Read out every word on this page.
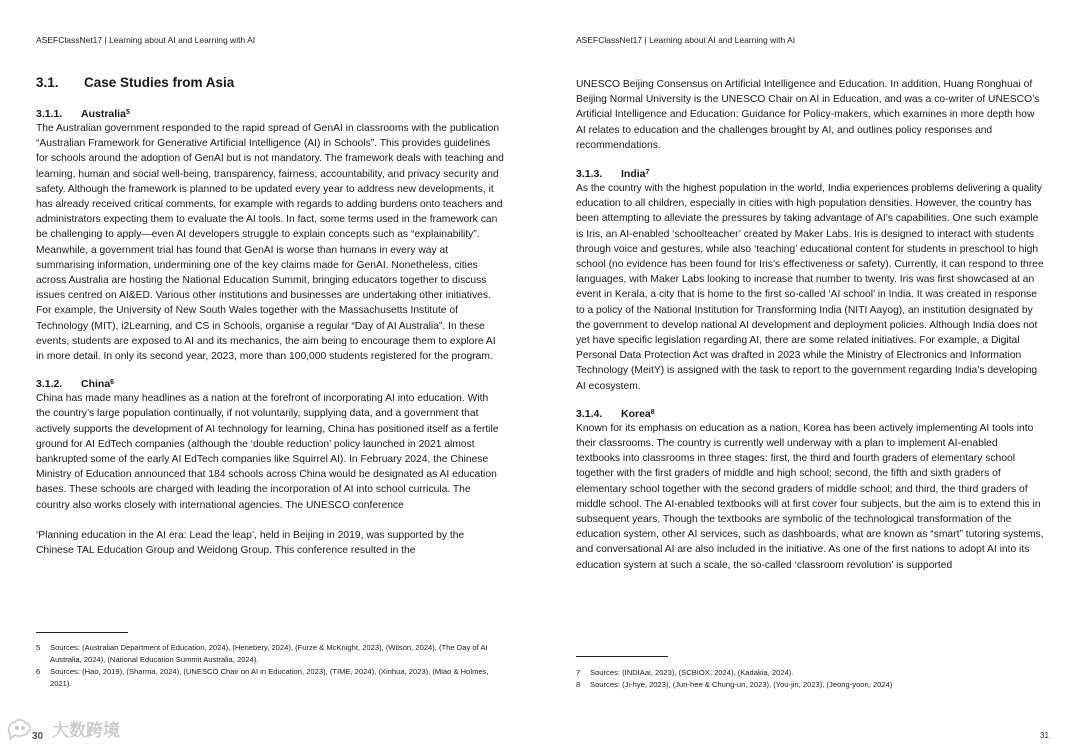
ASEFClassNet17 | Learning about AI and Learning with AI
3.1.	Case Studies from Asia
3.1.1.	Australia$^5$

The Australian government responded to the rapid spread of GenAI in classrooms with the publication “Australian Framework for Generative Artificial Intelligence (AI) in Schools”. This provides guidelines for schools around the adoption of GenAI but is not mandatory. The framework deals with teaching and learning, human and social well-being, transparency, fairness, accountability, and privacy security and safety. Although the framework is planned to be updated every year to address new developments, it has already received critical comments, for example with regards to adding burdens onto teachers and administrators expecting them to evaluate the AI tools. In fact, some terms used in the framework can be challenging to apply—even AI developers struggle to explain concepts such as “explainability”. Meanwhile, a government trial has found that GenAI is worse than humans in every way at summarising information, undermining one of the key claims made for GenAI. Nonetheless, cities across Australia are hosting the National Education Summit, bringing educators together to discuss issues centred on AI&ED. Various other institutions and businesses are undertaking other initiatives. For example, the University of New South Wales together with the Massachusetts Institute of Technology (MIT), i2Learning, and CS in Schools, organise a regular “Day of AI Australia”. In these events, students are exposed to AI and its mechanics, the aim being to encourage them to explore AI in more detail. In only its second year, 2023, more than 100,000 students registered for the program.

3.1.2.	China$^6$

China has made many headlines as a nation at the forefront of incorporating AI into education. With the country’s large population continually, if not voluntarily, supplying data, and a government that actively supports the development of AI technology for learning, China has positioned itself as a fertile ground for AI EdTech companies (although the ‘double reduction’ policy launched in 2021 almost bankrupted some of the early AI EdTech companies like Squirrel AI). In February 2024, the Chinese Ministry of Education announced that 184 schools across China would be designated as AI education bases. These schools are charged with leading the incorporation of AI into school curricula. The country also works closely with international agencies. The UNESCO conference

‘Planning education in the AI era: Lead the leap’, held in Beijing in 2019, was supported by the Chinese TAL Education Group and Weidong Group. This conference resulted in the

5	Sources: (Australian Department of Education, 2024), (Henebery, 2024), (Furze & McKnight, 2023), (Wilson, 2024), (The Day of AI Australia, 2024), (National Education Summit Australia, 2024).
6	Sources: (Hao, 2019), (Sharma, 2024), (UNESCO Chair on AI in Education, 2023), (TIME, 2024), (Xinhua, 2023), (Miao & Holmes, 2021).
30 大数跨境
ASEFClassNet17 | Learning about AI and Learning with AI

UNESCO Beijing Consensus on Artificial Intelligence and Education. In addition, Huang Ronghuai of Beijing Normal University is the UNESCO Chair on AI in Education, and was a co-writer of UNESCO’s Artificial Intelligence and Education: Guidance for Policy-makers, which examines in more depth how AI relates to education and the challenges brought by AI, and outlines policy responses and recommendations.

3.1.3.	India$^7$

As the country with the highest population in the world, India experiences problems delivering a quality education to all children, especially in cities with high population densities. However, the country has been attempting to alleviate the pressures by taking advantage of AI’s capabilities. One such example is Iris, an AI-enabled ‘schoolteacher’ created by Maker Labs. Iris is designed to interact with students through voice and gestures, while also ‘teaching’ educational content for students in preschool to high school (no evidence has been found for Iris’s effectiveness or safety). Currently, it can respond to three languages, with Maker Labs looking to increase that number to twenty. Iris was first showcased at an event in Kerala, a city that is home to the first so-called ‘AI school’ in India. It was created in response to a policy of the National Institution for Transforming India (NITI Aayog), an institution designated by the government to develop national AI development and deployment policies. Although India does not yet have specific legislation regarding AI, there are some related initiatives. For example, a Digital Personal Data Protection Act was drafted in 2023 while the Ministry of Electronics and Information Technology (MeitY) is assigned with the task to report to the government regarding India’s developing AI ecosystem.

3.1.4.	Korea$^8$

Known for its emphasis on education as a nation, Korea has been actively implementing AI tools into their classrooms. The country is currently well underway with a plan to implement AI-enabled textbooks into classrooms in three stages: first, the third and fourth graders of elementary school together with the first graders of middle and high school; second, the fifth and sixth graders of elementary school together with the second graders of middle school; and third, the third graders of middle school. The AI-enabled textbooks will at first cover four subjects, but the aim is to extend this in subsequent years. Though the textbooks are symbolic of the technological transformation of the education system, other AI services, such as dashboards, what are known as “smart” tutoring systems, and conversational AI are also included in the initiative. As one of the first nations to adopt AI into its education system at such a scale, the so-called ‘classroom revolution’ is supported

7	Sources: (INDIAai, 2023), (SCBIOX, 2024), (Kadakia, 2024).
8	Sources: (Ji-hye, 2023), (Jun-hee & Chung-un, 2023), (You-jin, 2023), (Jeong-yoon, 2024)
31
